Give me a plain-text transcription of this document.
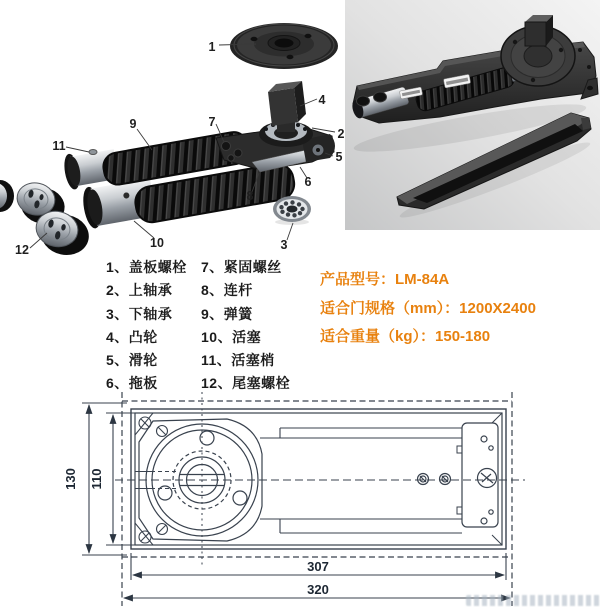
1
2
3
4
5
6
7
8
9
10
11
12
1、盖板螺栓
2、上轴承
3、下轴承
4、凸轮
5、滑轮
6、拖板
7、紧固螺丝
8、连杆
9、弹簧
10、活塞
11、活塞梢
12、尾塞螺栓
产品型号：LM-84A
适合门规格（mm）：1200X2400
适合重量（kg）：150-180
130 110
307
320
